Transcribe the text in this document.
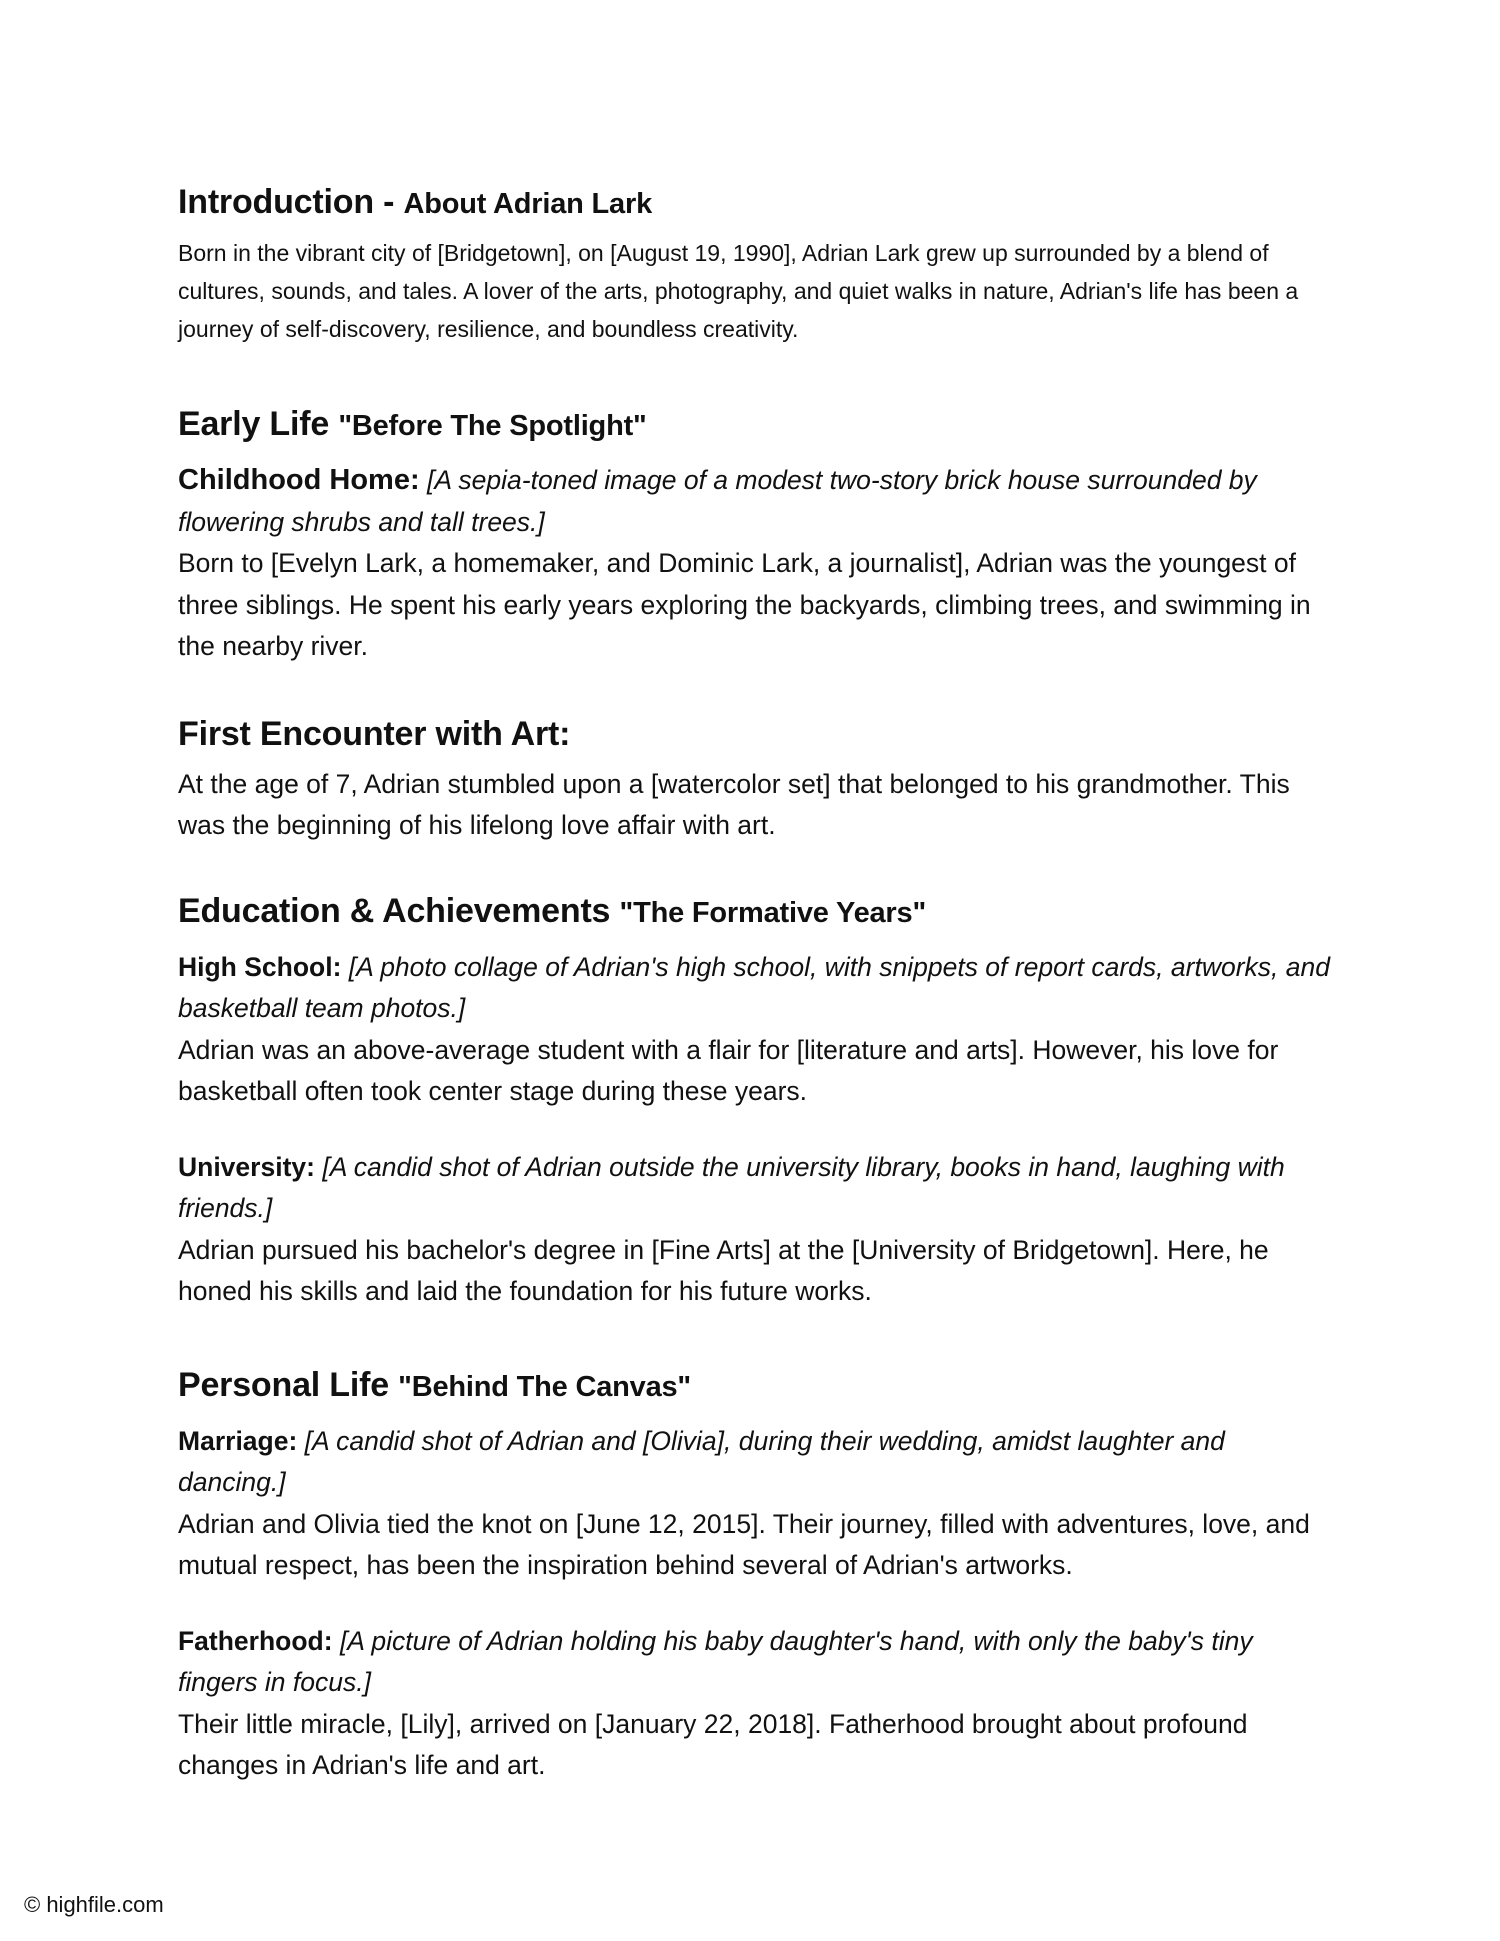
Introduction - About Adrian Lark

Born in the vibrant city of [Bridgetown], on [August 19, 1990], Adrian Lark grew up surrounded by a blend of cultures, sounds, and tales. A lover of the arts, photography, and quiet walks in nature, Adrian's life has been a journey of self-discovery, resilience, and boundless creativity.

Early Life "Before The Spotlight"

Childhood Home: [A sepia-toned image of a modest two-story brick house surrounded by flowering shrubs and tall trees.]

Born to [Evelyn Lark, a homemaker, and Dominic Lark, a journalist], Adrian was the youngest of three siblings. He spent his early years exploring the backyards, climbing trees, and swimming in the nearby river.

First Encounter with Art:

At the age of 7, Adrian stumbled upon a [watercolor set] that belonged to his grandmother. This was the beginning of his lifelong love affair with art.

Education & Achievements "The Formative Years"

High School: [A photo collage of Adrian's high school, with snippets of report cards, artworks, and basketball team photos.]

Adrian was an above-average student with a flair for [literature and arts]. However, his love for basketball often took center stage during these years.

University: [A candid shot of Adrian outside the university library, books in hand, laughing with friends.]

Adrian pursued his bachelor's degree in [Fine Arts] at the [University of Bridgetown]. Here, he honed his skills and laid the foundation for his future works.

Personal Life "Behind The Canvas"

Marriage: [A candid shot of Adrian and [Olivia], during their wedding, amidst laughter and dancing.]

Adrian and Olivia tied the knot on [June 12, 2015]. Their journey, filled with adventures, love, and mutual respect, has been the inspiration behind several of Adrian's artworks.

Fatherhood: [A picture of Adrian holding his baby daughter's hand, with only the baby's tiny fingers in focus.]

Their little miracle, [Lily], arrived on [January 22, 2018]. Fatherhood brought about profound changes in Adrian's life and art.

© highfile.com
